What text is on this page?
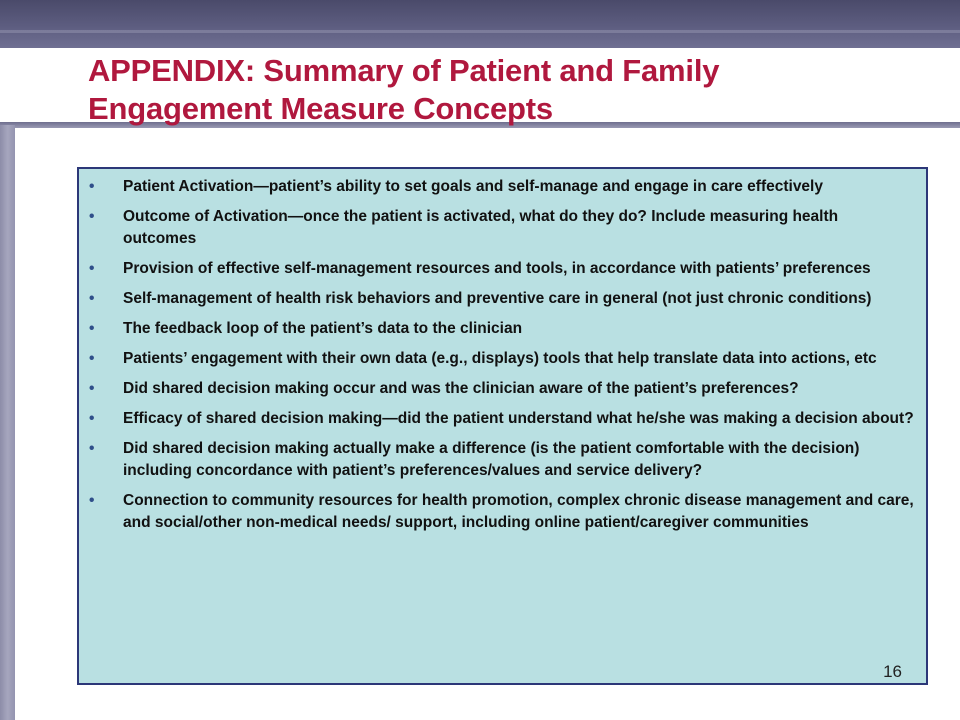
APPENDIX: Summary of Patient and Family
Engagement Measure Concepts
• Patient Activation—patient’s ability to set goals and self-manage and engage in care effectively
• Outcome of Activation—once the patient is activated, what do they do? Include measuring health outcomes
• Provision of effective self-management resources and tools, in accordance with patients’ preferences
• Self-management of health risk behaviors and preventive care in general (not just chronic conditions)
• The feedback loop of the patient’s data to the clinician
• Patients’ engagement with their own data (e.g., displays) tools that help translate data into actions, etc
• Did shared decision making occur and was the clinician aware of the patient’s preferences?
• Efficacy of shared decision making—did the patient understand what he/she was making a decision about?
• Did shared decision making actually make a difference (is the patient comfortable with the decision) including concordance with patient’s preferences/values and service delivery?
• Connection to community resources for health promotion, complex chronic disease management and care, and social/other non-medical needs/ support, including online patient/caregiver communities
16
